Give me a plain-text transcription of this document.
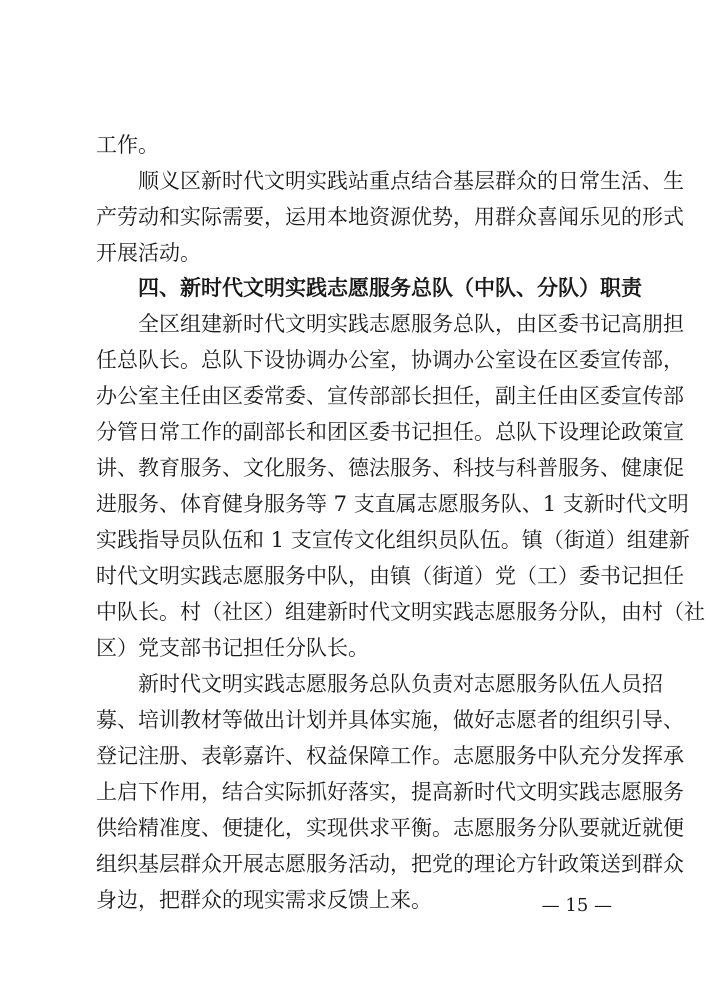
工作。
顺义区新时代文明实践站重点结合基层群众的日常生活、生
产劳动和实际需要，运用本地资源优势，用群众喜闻乐见的形式
开展活动。
四、新时代文明实践志愿服务总队（中队、分队）职责
全区组建新时代文明实践志愿服务总队，由区委书记高朋担
任总队长。总队下设协调办公室，协调办公室设在区委宣传部，
办公室主任由区委常委、宣传部部长担任，副主任由区委宣传部
分管日常工作的副部长和团区委书记担任。总队下设理论政策宣
讲、教育服务、文化服务、德法服务、科技与科普服务、健康促
进服务、体育健身服务等 7 支直属志愿服务队、1 支新时代文明
实践指导员队伍和 1 支宣传文化组织员队伍。镇（街道）组建新
时代文明实践志愿服务中队，由镇（街道）党（工）委书记担任
中队长。村（社区）组建新时代文明实践志愿服务分队，由村（社
区）党支部书记担任分队长。
新时代文明实践志愿服务总队负责对志愿服务队伍人员招
募、培训教材等做出计划并具体实施，做好志愿者的组织引导、
登记注册、表彰嘉许、权益保障工作。志愿服务中队充分发挥承
上启下作用，结合实际抓好落实，提高新时代文明实践志愿服务
供给精准度、便捷化，实现供求平衡。志愿服务分队要就近就便
组织基层群众开展志愿服务活动，把党的理论方针政策送到群众
身边，把群众的现实需求反馈上来。	— 15 —
